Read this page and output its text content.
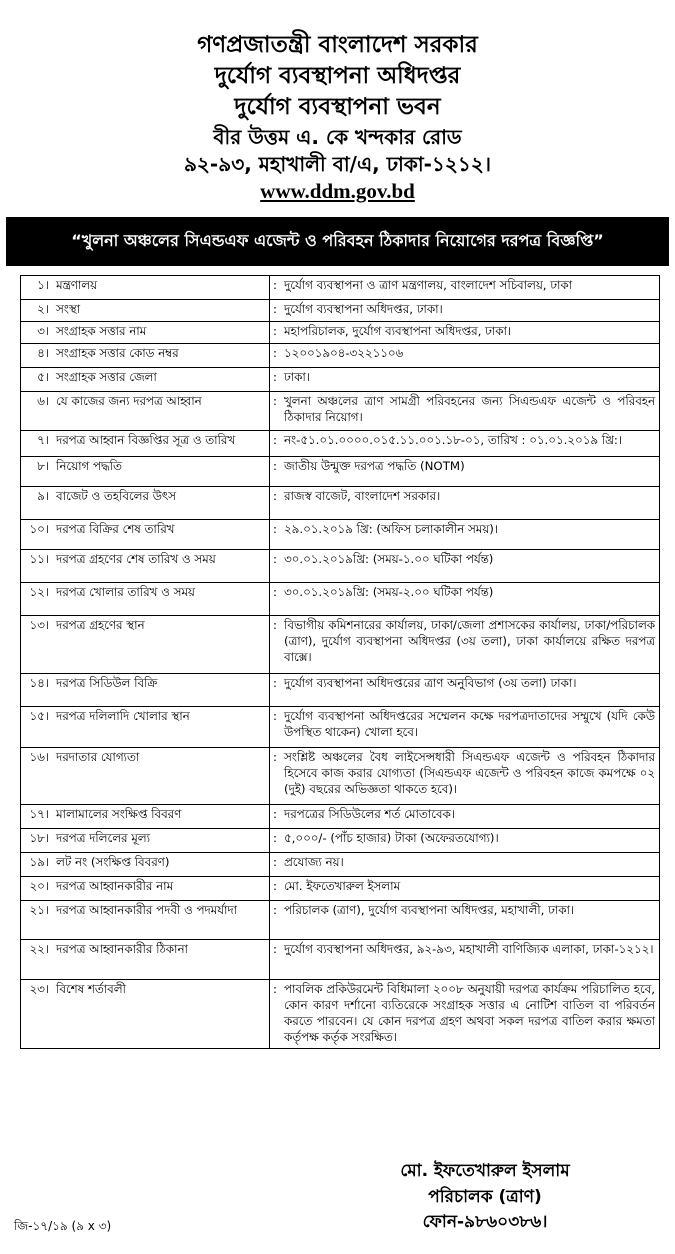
গণপ্রজাতন্ত্রী বাংলাদেশ সরকার
দুর্যোগ ব্যবস্থাপনা অধিদপ্তর
দুর্যোগ ব্যবস্থাপনা ভবন
বীর উত্তম এ. কে খন্দকার রোড
৯২-৯৩, মহাখালী বা/এ, ঢাকা-১২১২।
www.ddm.gov.bd
“খুলনা অঞ্চলের সিএন্ডএফ এজেন্ট ও পরিবহন ঠিকাদার নিয়োগের দরপত্র বিজ্ঞপ্তি”
১।	মন্ত্রণালয়	:	দুর্যোগ ব্যবস্থাপনা ও ত্রাণ মন্ত্রণালয়, বাংলাদেশ সচিবালয়, ঢাকা
২।	সংস্থা	:	দুর্যোগ ব্যবস্থাপনা অধিদপ্তর, ঢাকা।
৩।	সংগ্রাহক সত্তার নাম	:	মহাপরিচালক, দুর্যোগ ব্যবস্থাপনা অধিদপ্তর, ঢাকা।
৪।	সংগ্রাহক সত্তার কোড নম্বর	:	১২০০১৯০৪-৩২২১১০৬
৫।	সংগ্রাহক সত্তার জেলা	:	ঢাকা।
৬।	যে কাজের জন্য দরপত্র আহ্বান	:	খুলনা অঞ্চলের ত্রাণ সামগ্রী পরিবহনের জন্য সিএন্ডএফ এজেন্ট ও পরিবহন ঠিকাদার নিয়োগ।
৭।	দরপত্র আহ্বান বিজ্ঞপ্তির সূত্র ও তারিখ	:	নং-৫১.০১.০০০০.০১৫.১১.০০১.১৮-০১, তারিখ : ০১.০১.২০১৯ খ্রি:।
৮।	নিয়োগ পদ্ধতি	:	জাতীয় উন্মুক্ত দরপত্র পদ্ধতি (NOTM)
৯।	বাজেট ও তহবিলের উৎস	:	রাজস্ব বাজেট, বাংলাদেশ সরকার।
১০।	দরপত্র বিক্রির শেষ তারিখ	:	২৯.০১.২০১৯ খ্রি: (অফিস চলাকালীন সময়)।
১১।	দরপত্র গ্রহণের শেষ তারিখ ও সময়	:	৩০.০১.২০১৯খ্রি: (সময়-১.০০ ঘটিকা পর্যন্ত)
১২।	দরপত্র খোলার তারিখ ও সময়	:	৩০.০১.২০১৯খ্রি: (সময়-২.০০ ঘটিকা পর্যন্ত)
১৩।	দরপত্র গ্রহণের স্থান	:	বিভাগীয় কমিশনারের কার্যালয়, ঢাকা/জেলা প্রশাসকের কার্যালয়, ঢাকা/পরিচালক (ত্রাণ), দুর্যোগ ব্যবস্থাপনা অধিদপ্তর (৩য় তলা), ঢাকা কার্যালয়ে রক্ষিত দরপত্র বাক্সে।
১৪।	দরপত্র সিডিউল বিক্রি	:	দুর্যোগ ব্যবস্থাপনা অধিদপ্তরের ত্রাণ অনুবিভাগ (৩য় তলা) ঢাকা।
১৫।	দরপত্র দলিলাদি খোলার স্থান	:	দুর্যোগ ব্যবস্থাপনা অধিদপ্তরের সম্মেলন কক্ষে দরপত্রদাতাদের সম্মুখে (যদি কেউ উপস্থিত থাকেন) খোলা হবে।
১৬।	দরদাতার যোগ্যতা	:	সংশ্লিষ্ট অঞ্চলের বৈধ লাইসেন্সধারী সিএন্ডএফ এজেন্ট ও পরিবহন ঠিকাদার হিসেবে কাজ করার যোগ্যতা (সিএন্ডএফ এজেন্ট ও পরিবহন কাজে কমপক্ষে ০২ (দুই) বছরের অভিজ্ঞতা থাকতে হবে)।
১৭।	মালামালের সংক্ষিপ্ত বিবরণ	:	দরপত্রের সিডিউলের শর্ত মোতাবেক।
১৮।	দরপত্র দলিলের মূল্য	:	৫,০০০/- (পাঁচ হাজার) টাকা (অফেরতযোগ্য)।
১৯।	লট নং (সংক্ষিপ্ত বিবরণ)	:	প্রযোজ্য নয়।
২০।	দরপত্র আহ্বানকারীর নাম	:	মো. ইফতেখারুল ইসলাম
২১।	দরপত্র আহ্বানকারীর পদবী ও পদমর্যাদা	:	পরিচালক (ত্রাণ), দুর্যোগ ব্যবস্থাপনা অধিদপ্তর, মহাখালী, ঢাকা।
২২।	দরপত্র আহ্বানকারীর ঠিকানা	:	দুর্যোগ ব্যবস্থাপনা অধিদপ্তর, ৯২-৯৩, মহাখালী বাণিজ্যিক এলাকা, ঢাকা-১২১২।
২৩।	বিশেষ শর্তাবলী	:	পাবলিক প্রকিউরমেন্ট বিধিমালা ২০০৮ অনুযায়ী দরপত্র কার্যক্রম পরিচালিত হবে, কোন কারণ দর্শানো ব্যতিরেকে সংগ্রাহক সত্তার এ নোটিশ বাতিল বা পরিবর্তন করতে পারবেন। যে কোন দরপত্র গ্রহণ অথবা সকল দরপত্র বাতিল করার ক্ষমতা কর্তৃপক্ষ কর্তৃক সংরক্ষিত।
মো. ইফতেখারুল ইসলাম
পরিচালক (ত্রাণ)
ফোন-৯৮৬০৩৮৬।
জি-১৭/১৯ (৯ x ৩)
